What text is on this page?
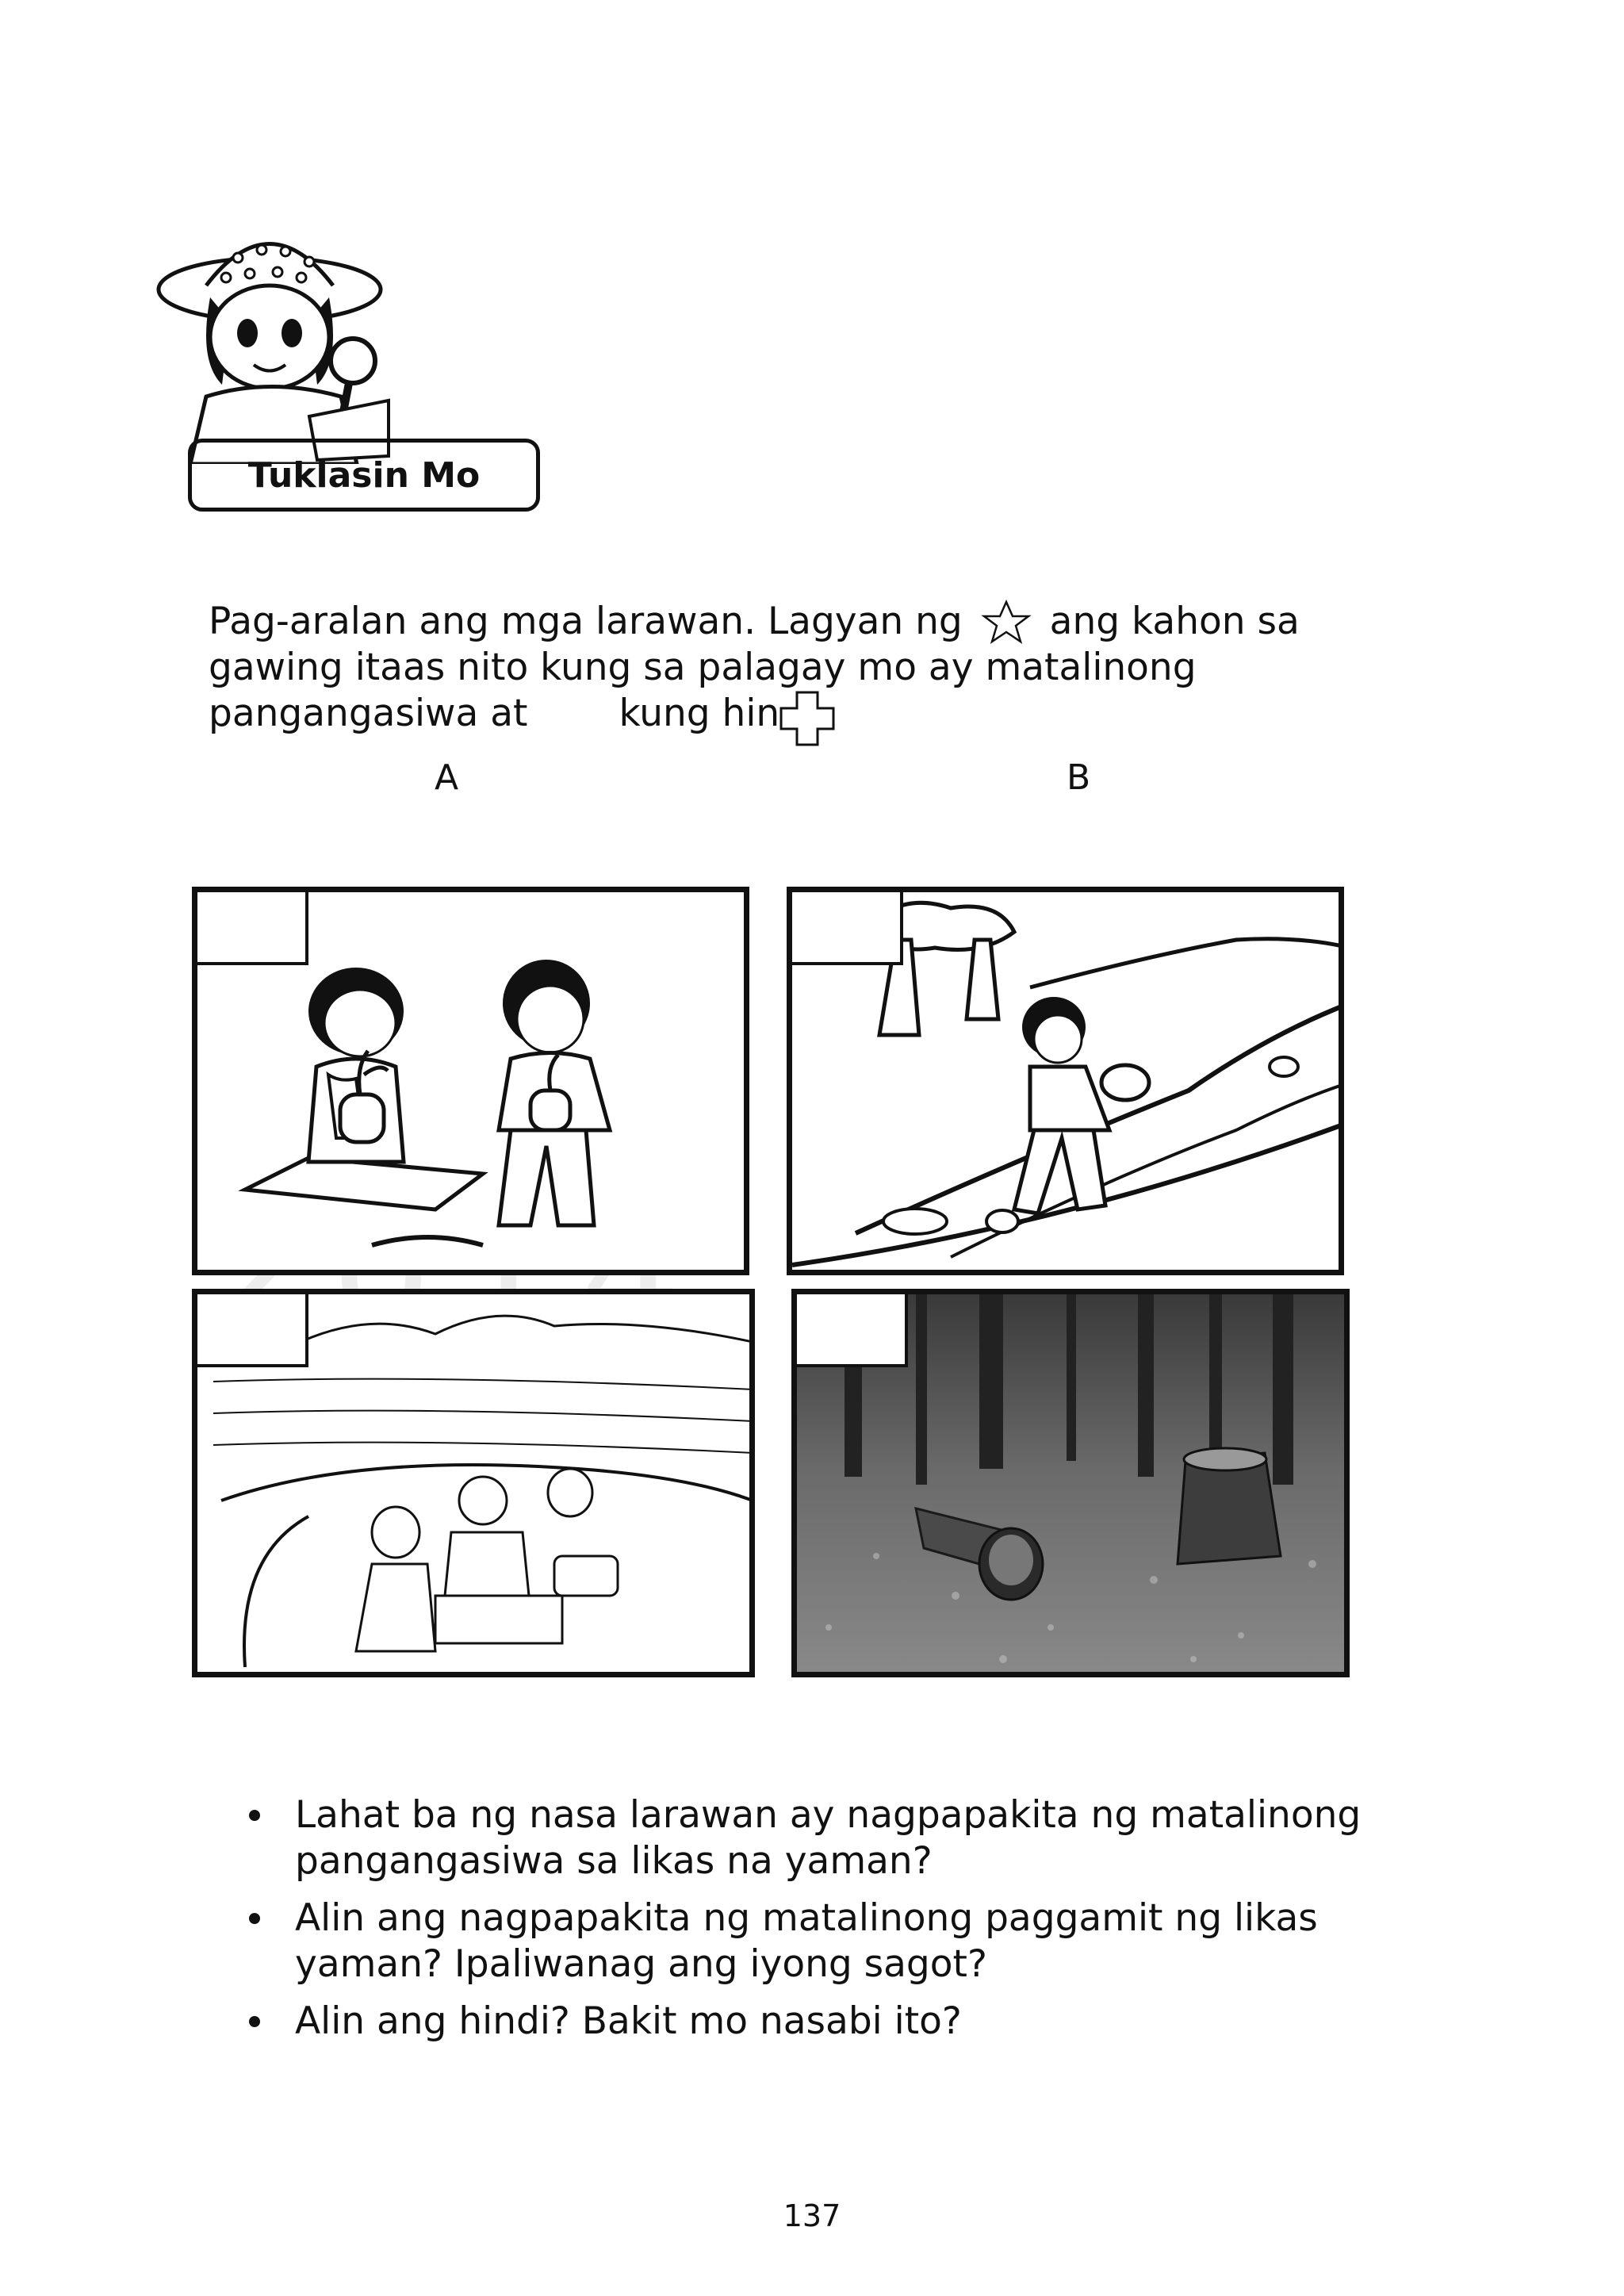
Tuklasin Mo
Pag-aralan ang mga larawan. Lagyan ng ang kahon sa
gawing itaas nito kung sa palagay mo ay matalinong
pangangasiwa at kung hin
A	B
Lahat ba ng nasa larawan ay nagpapakita ng matalinong pangangasiwa sa likas na yaman?
Alin ang nagpapakita ng matalinong paggamit ng likas yaman? Ipaliwanag ang iyong sagot?
Alin ang hindi? Bakit mo nasabi ito?
137
